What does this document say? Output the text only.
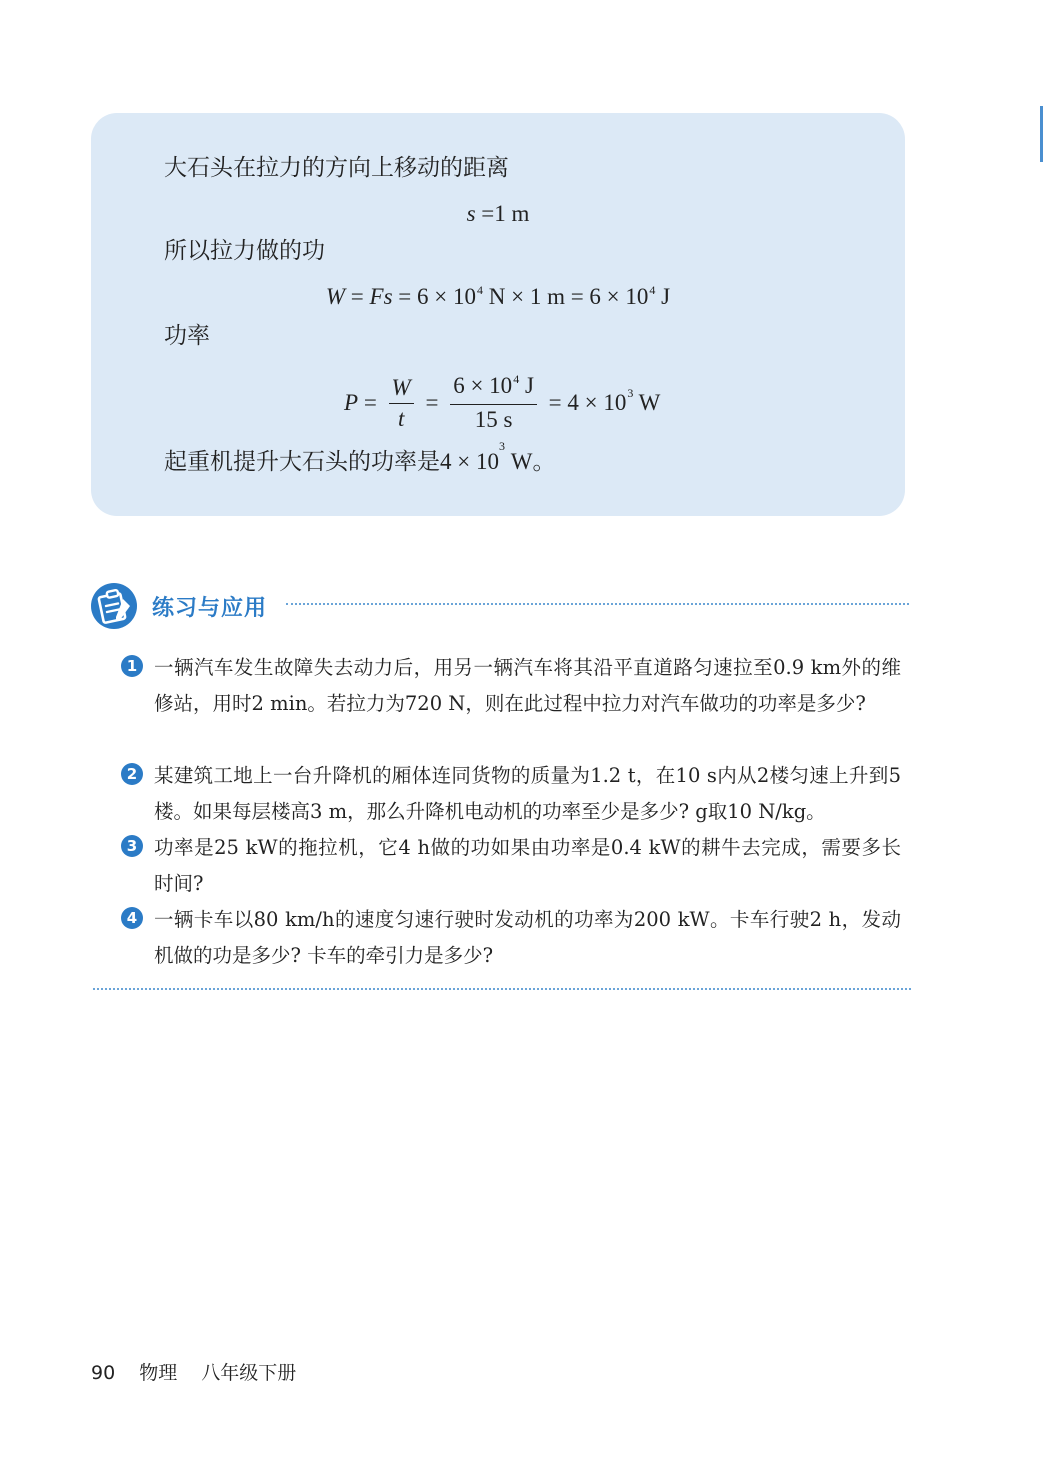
大石头在拉力的方向上移动的距离
s =1 m
所以拉力做的功
$W = Fs = 6 \times 10^4$ N × 1 $m = 6 \times 10^4$ J
功率
$P = \frac{W}{t} = \frac{6 \times 10^4 J}{15 s} = 4 \times 10^3$ W
起重机提升大石头的功率是$4 \times 10^3$ W。
练习与应用
1 一辆汽车发生故障失去动力后，用另一辆汽车将其沿平直道路匀速拉至0.9 km外的维修站，用时2 min。若拉力为720 N，则在此过程中拉力对汽车做功的功率是多少?
2 某建筑工地上一台升降机的厢体连同货物的质量为1.2 t，在10 s内从2楼匀速上升到5楼。如果每层楼高3 m，那么升降机电动机的功率至少是多少? g取10 N/kg。
3 功率是25 kW的拖拉机，它4 h做的功如果由功率是0.4 kW的耕牛去完成，需要多长时间?
4 一辆卡车以80 km/h的速度匀速行驶时发动机的功率为200 kW。卡车行驶2 h，发动机做的功是多少? 卡车的牵引力是多少?
90 物理 八年级下册
